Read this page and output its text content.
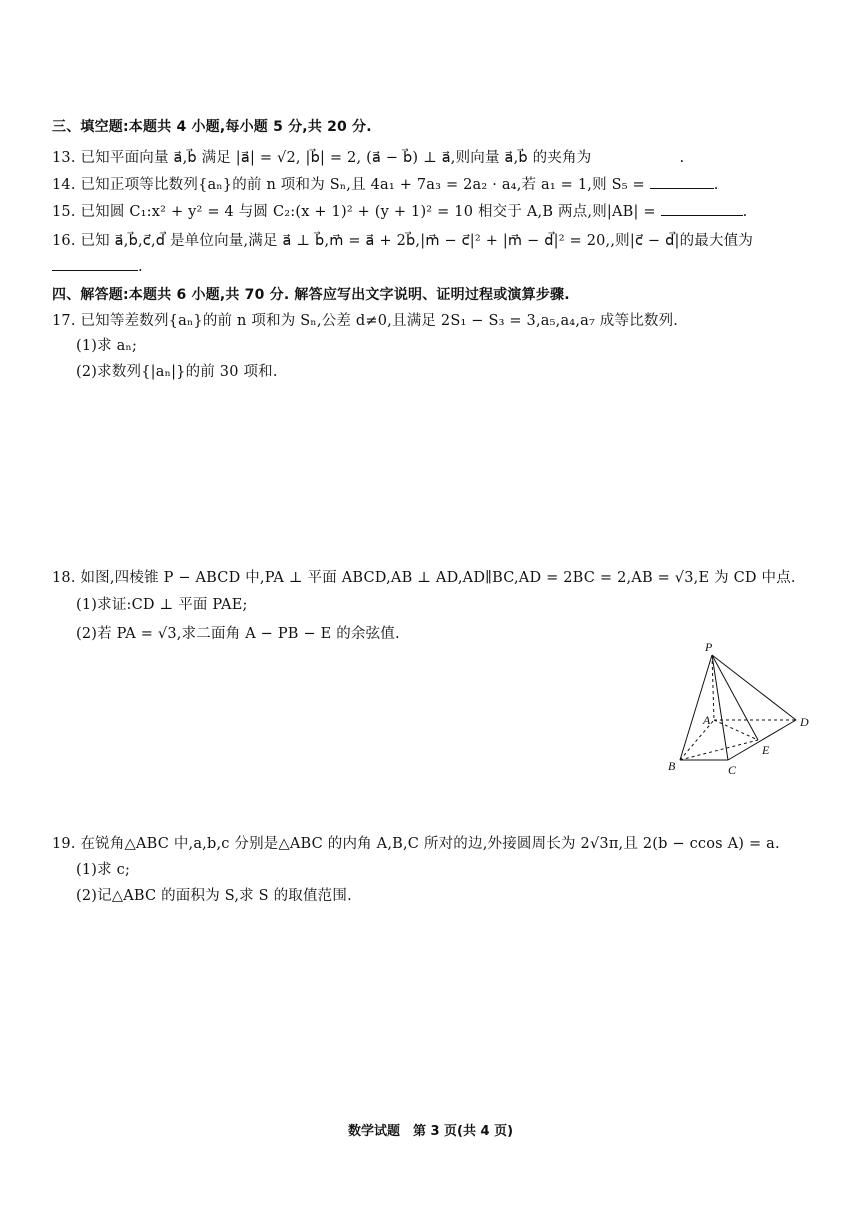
三、填空题:本题共 4 小题,每小题 5 分,共 20 分.
13. 已知平面向量 a⃗,b⃗ 满足 |a⃗| = √2, |b⃗| = 2, (a⃗ − b⃗) ⊥ a⃗,则向量 a⃗,b⃗ 的夹角为	.
14. 已知正项等比数列{aₙ}的前 n 项和为 Sₙ,且 4a₁ + 7a₃ = 2a₂ · a₄,若 a₁ = 1,则 S₅ =	.
15. 已知圆 C₁:x² + y² = 4 与圆 C₂:(x + 1)² + (y + 1)² = 10 相交于 A,B 两点,则|AB| =	.
16. 已知 a⃗,b⃗,c⃗,d⃗ 是单位向量,满足 a⃗ ⊥ b⃗,m⃗ = a⃗ + 2b⃗,|m⃗ − c⃗|² + |m⃗ − d⃗|² = 20,,则|c⃗ − d⃗|的最大值为
.
四、解答题:本题共 6 小题,共 70 分. 解答应写出文字说明、证明过程或演算步骤.
17. 已知等差数列{aₙ}的前 n 项和为 Sₙ,公差 d≠0,且满足 2S₁ − S₃ = 3,a₅,a₄,a₇ 成等比数列.
(1)求 aₙ;
(2)求数列{|aₙ|}的前 30 项和.
18. 如图,四棱锥 P − ABCD 中,PA ⊥ 平面 ABCD,AB ⊥ AD,AD∥BC,AD = 2BC = 2,AB = √3,E 为 CD 中点.
(1)求证:CD ⊥ 平面 PAE;
(2)若 PA = √3,求二面角 A − PB − E 的余弦值.
P
A
B	C
D
E
19. 在锐角△ABC 中,a,b,c 分别是△ABC 的内角 A,B,C 所对的边,外接圆周长为 2√3π,且 2(b − ccos A) = a.
(1)求 c;
(2)记△ABC 的面积为 S,求 S 的取值范围.
数学试题　第 3 页(共 4 页)
